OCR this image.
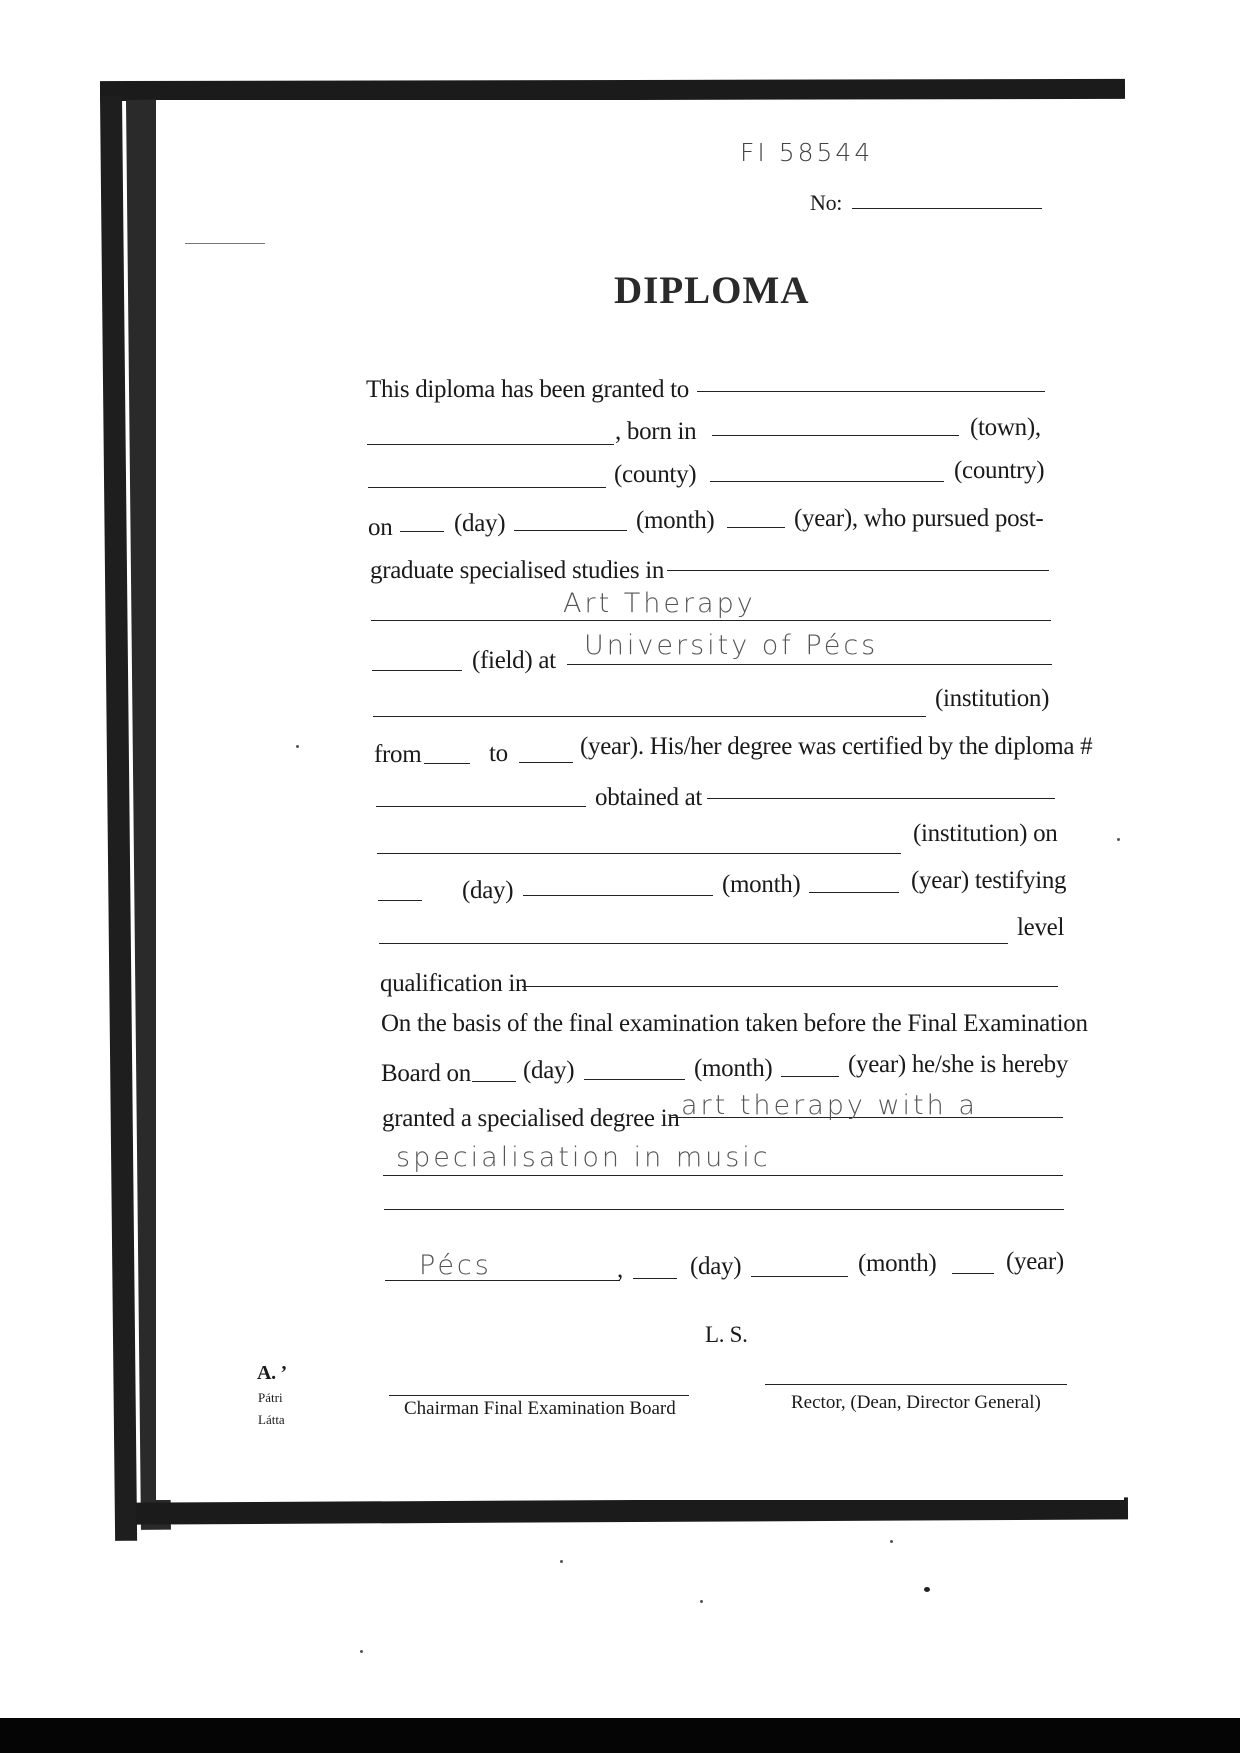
FI 58544
No:
DIPLOMA
This diploma has been granted to
, born in	(town),
(county)	(country)
on (day)	(month)	(year), who pursued post-
graduate specialised studies in
Art Therapy
(field) at University of Pécs
(institution)
from	to	(year). His/her degree was certified by the diploma #
obtained at
(institution) on
(day)	(month)	(year) testifying
level
qualification in
On the basis of the final examination taken before the Final Examination
Board on (day)	(month)	(year) he/she is hereby
granted a specialised degree in art therapy with a
specialisation in music
Pécs	,	(day)	(month)	(year)
L. S.
Chairman Final Examination Board	Rector, (Dean, Director General)
A. ’
Pátri
Látta
